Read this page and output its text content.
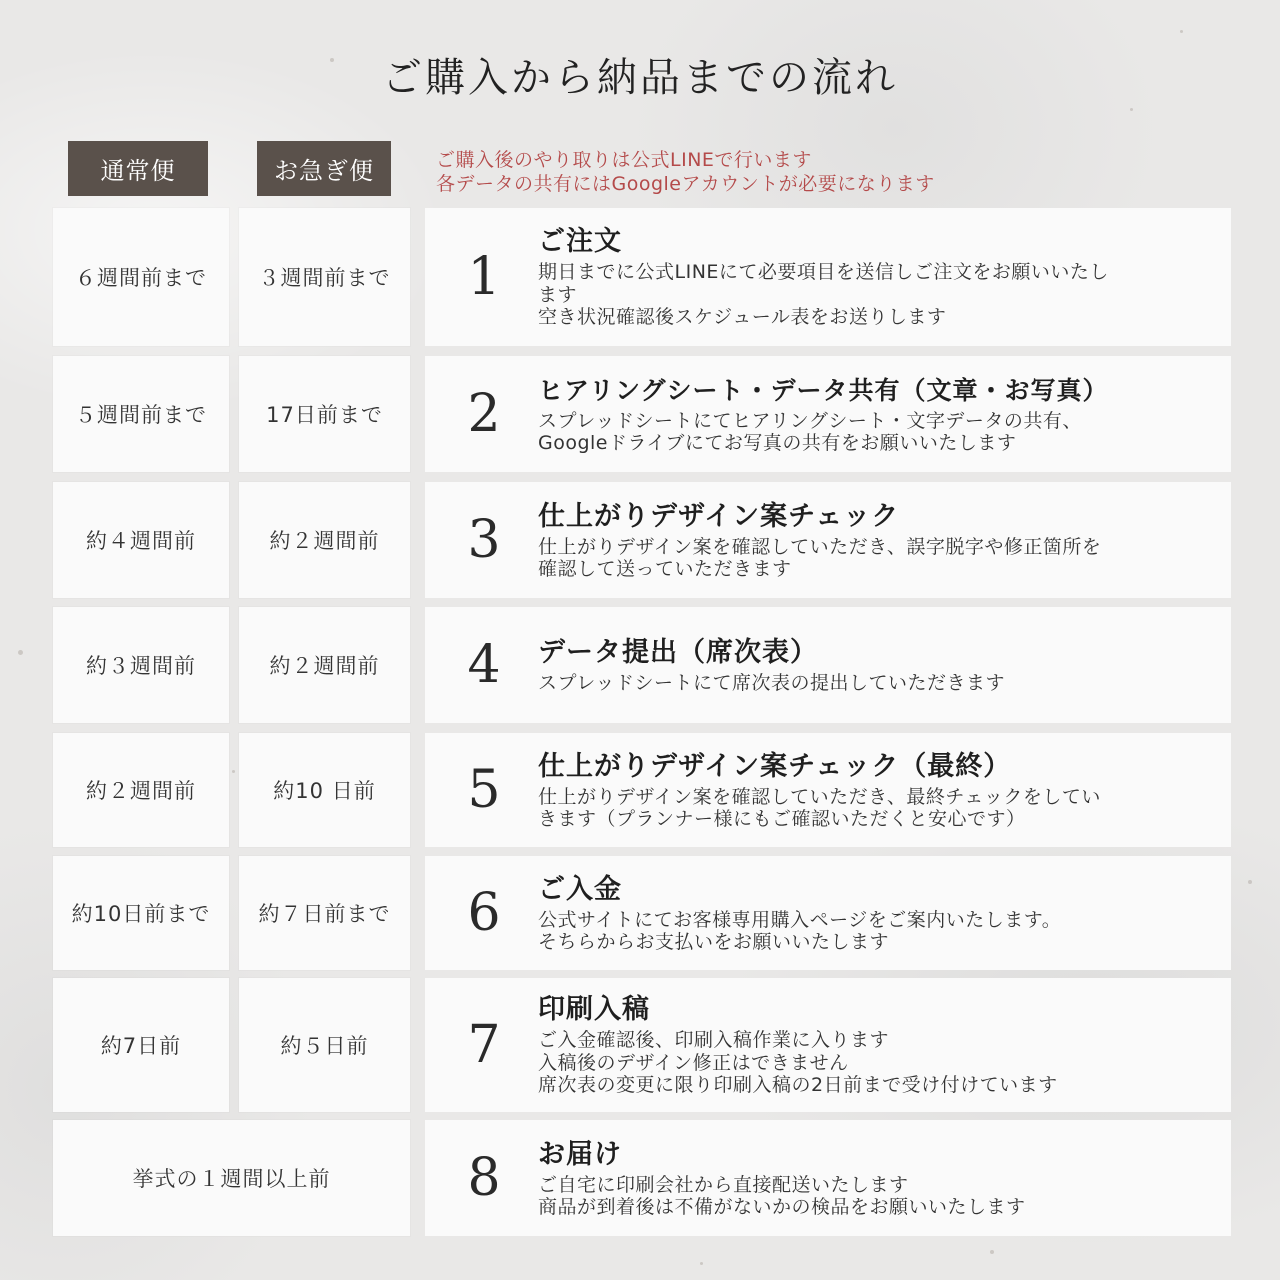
ご購入から納品までの流れ
通常便	お急ぎ便	ご購入後のやり取りは公式LINEで行います
各データの共有にはGoogleアカウントが必要になります
６週間前まで	３週間前まで	1
ご注文
期日までに公式LINEにて必要項目を送信しご注文をお願いいたし
ます
空き状況確認後スケジュール表をお送りします
５週間前まで	17日前まで	2	ヒアリングシート・データ共有（文章・お写真）
スプレッドシートにてヒアリングシート・文字データの共有、
Googleドライブにてお写真の共有をお願いいたします
約４週間前	約２週間前	3	仕上がりデザイン案チェック
仕上がりデザイン案を確認していただき、誤字脱字や修正箇所を
確認して送っていただきます
約３週間前	約２週間前	4	データ提出（席次表）
スプレッドシートにて席次表の提出していただきます
約２週間前	約10 日前	5	仕上がりデザイン案チェック（最終）
仕上がりデザイン案を確認していただき、最終チェックをしてい
きます（プランナー様にもご確認いただくと安心です）
約10日前まで	約７日前まで	6	ご入金
公式サイトにてお客様専用購入ページをご案内いたします。
そちらからお支払いをお願いいたします
約7日前	約５日前	7
印刷入稿
ご入金確認後、印刷入稿作業に入ります
入稿後のデザイン修正はできません
席次表の変更に限り印刷入稿の2日前まで受け付けています
挙式の１週間以上前	8	お届け
ご自宅に印刷会社から直接配送いたします
商品が到着後は不備がないかの検品をお願いいたします
